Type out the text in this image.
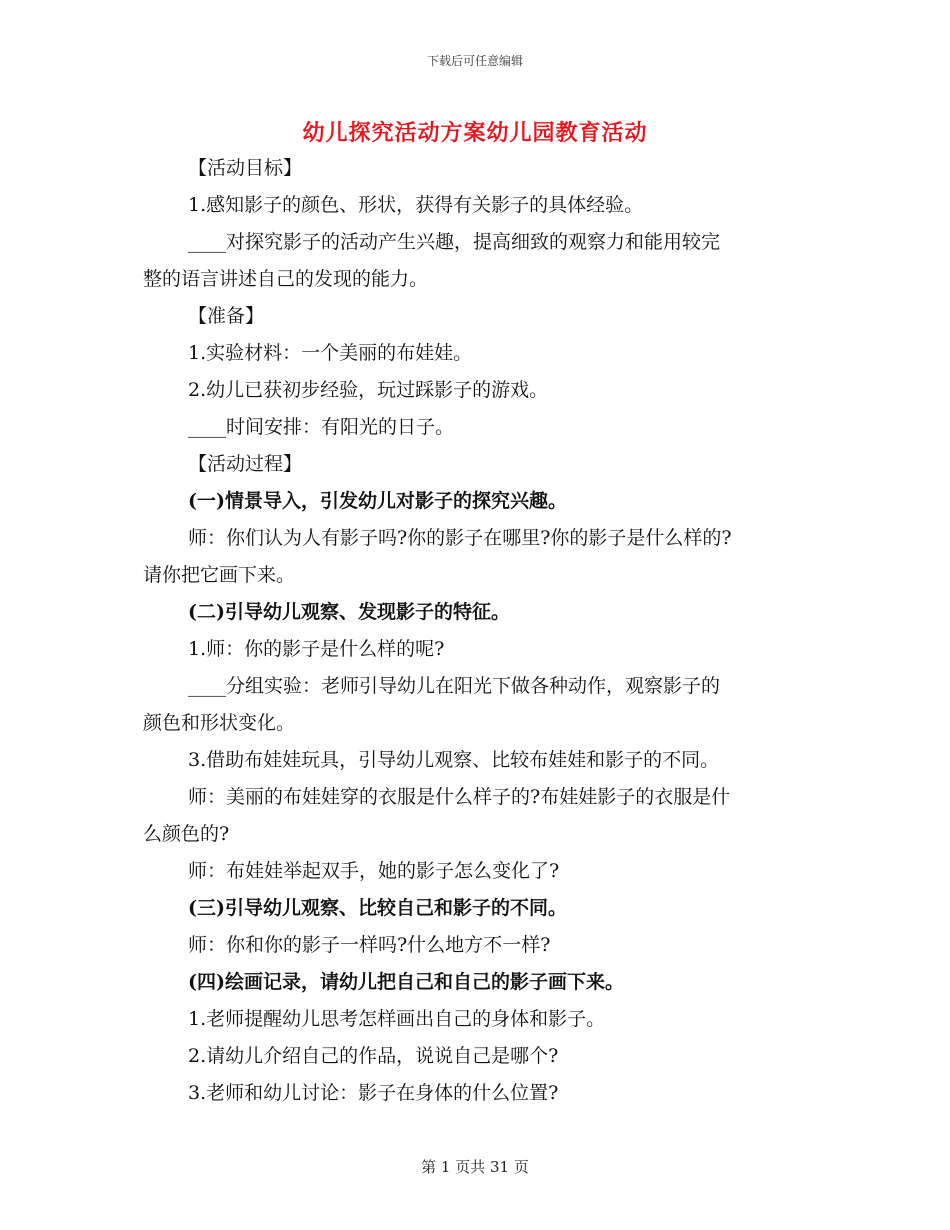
下载后可任意编辑
幼儿探究活动方案幼儿园教育活动
【活动目标】
1.感知影子的颜色、形状，获得有关影子的具体经验。
____对探究影子的活动产生兴趣，提高细致的观察力和能用较完
整的语言讲述自己的发现的能力。
【准备】
1.实验材料：一个美丽的布娃娃。
2.幼儿已获初步经验，玩过踩影子的游戏。
____时间安排：有阳光的日子。
【活动过程】
(一)情景导入，引发幼儿对影子的探究兴趣。
师：你们认为人有影子吗?你的影子在哪里?你的影子是什么样的?
请你把它画下来。
(二)引导幼儿观察、发现影子的特征。
1.师：你的影子是什么样的呢?
____分组实验：老师引导幼儿在阳光下做各种动作，观察影子的
颜色和形状变化。
3.借助布娃娃玩具，引导幼儿观察、比较布娃娃和影子的不同。
师：美丽的布娃娃穿的衣服是什么样子的?布娃娃影子的衣服是什
么颜色的?
师：布娃娃举起双手，她的影子怎么变化了?
(三)引导幼儿观察、比较自己和影子的不同。
师：你和你的影子一样吗?什么地方不一样?
(四)绘画记录，请幼儿把自己和自己的影子画下来。
1.老师提醒幼儿思考怎样画出自己的身体和影子。
2.请幼儿介绍自己的作品，说说自己是哪个?
3.老师和幼儿讨论：影子在身体的什么位置?
第 1 页共 31 页
